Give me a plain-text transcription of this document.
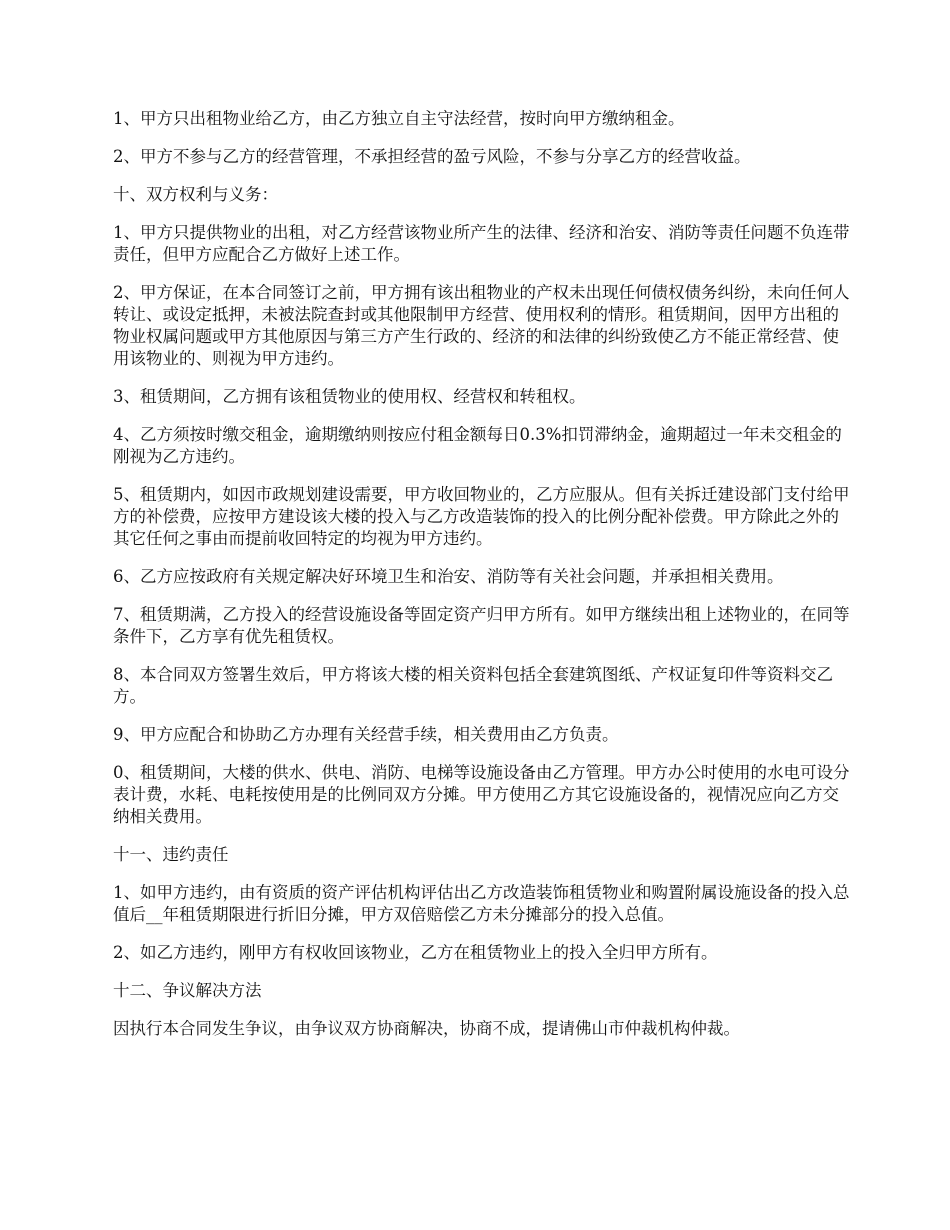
1、甲方只出租物业给乙方，由乙方独立自主守法经营，按时向甲方缴纳租金。

2、甲方不参与乙方的经营管理，不承担经营的盈亏风险，不参与分享乙方的经营收益。

十、双方权利与义务：

1、甲方只提供物业的出租，对乙方经营该物业所产生的法律、经济和治安、消防等责任问题不负连带责任，但甲方应配合乙方做好上述工作。

2、甲方保证，在本合同签订之前，甲方拥有该出租物业的产权未出现任何债权债务纠纷，未向任何人转让、或设定抵押，未被法院查封或其他限制甲方经营、使用权利的情形。租赁期间，因甲方出租的物业权属问题或甲方其他原因与第三方产生行政的、经济的和法律的纠纷致使乙方不能正常经营、使用该物业的、则视为甲方违约。

3、租赁期间，乙方拥有该租赁物业的使用权、经营权和转租权。

4、乙方须按时缴交租金，逾期缴纳则按应付租金额每日0.3%扣罚滞纳金，逾期超过一年未交租金的刚视为乙方违约。

5、租赁期内，如因市政规划建设需要，甲方收回物业的，乙方应服从。但有关拆迁建设部门支付给甲方的补偿费，应按甲方建设该大楼的投入与乙方改造装饰的投入的比例分配补偿费。甲方除此之外的其它任何之事由而提前收回特定的均视为甲方违约。

6、乙方应按政府有关规定解决好环境卫生和治安、消防等有关社会问题，并承担相关费用。

7、租赁期满，乙方投入的经营设施设备等固定资产归甲方所有。如甲方继续出租上述物业的，在同等条件下，乙方享有优先租赁权。

8、本合同双方签署生效后，甲方将该大楼的相关资料包括全套建筑图纸、产权证复印件等资料交乙方。

9、甲方应配合和协助乙方办理有关经营手续，相关费用由乙方负责。

0、租赁期间，大楼的供水、供电、消防、电梯等设施设备由乙方管理。甲方办公时使用的水电可设分表计费，水耗、电耗按使用是的比例同双方分摊。甲方使用乙方其它设施设备的，视情况应向乙方交纳相关费用。

十一、违约责任

1、如甲方违约，由有资质的资产评估机构评估出乙方改造装饰租赁物业和购置附属设施设备的投入总值后__年租赁期限进行折旧分摊，甲方双倍赔偿乙方未分摊部分的投入总值。

2、如乙方违约，刚甲方有权收回该物业，乙方在租赁物业上的投入全归甲方所有。

十二、争议解决方法

因执行本合同发生争议，由争议双方协商解决，协商不成，提请佛山市仲裁机构仲裁。
